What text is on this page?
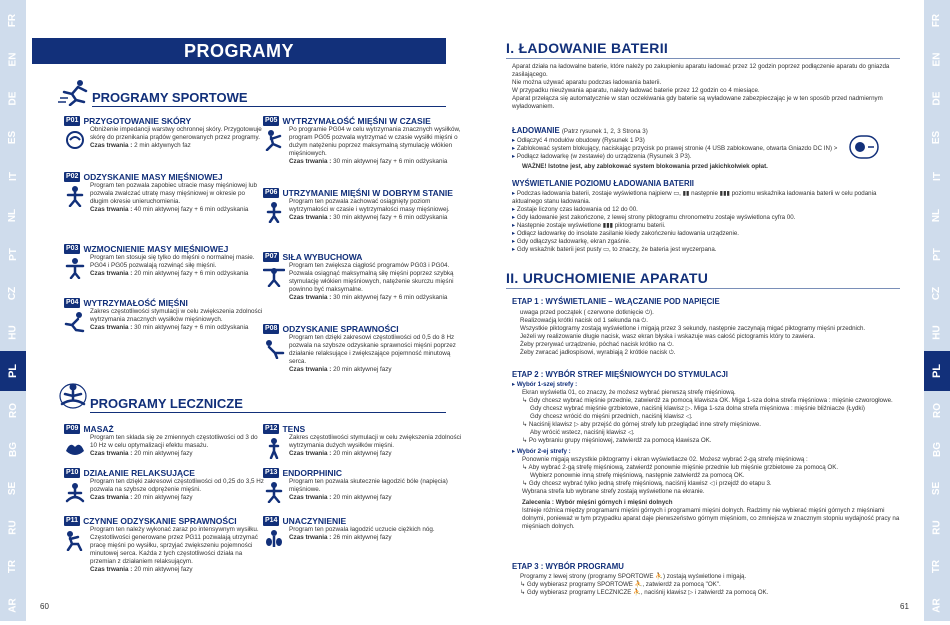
FR
EN
DE
ES
IT
NL
PT
CZ
HU
PL
RO
BG
SE
RU
TR
AR
FR
EN
DE
ES
IT
NL
PT
CZ
HU
PL
RO
BG
SE
RU
TR
AR
PROGRAMY
PROGRAMY SPORTOWE
PROGRAMY LECZNICZE
P01 PRZYGOTOWANIE SKÓRY
Obniżenie impedancji warstwy ochronnej skóry. Przygotowuje skórę do przenikania prądów generowanych przez programy.
Czas trwania : 2 min aktywnych faz
P02 ODZYSKANIE MASY MIĘŚNIOWEJ
Program ten pozwala zapobiec utracie masy mięśniowej lub pozwala zwalczać utratę masy mięśniowej w okresie po długim okresie unieruchomienia.
Czas trwania : 40 min aktywnej fazy + 6 min odżyskania
P03 WZMOCNIENIE MASY MIĘŚNIOWEJ
Program ten stosuje się tylko do mięśni o normalnej masie. PG04 i PG05 pozwalają rozwinąć siłę mięśni.
Czas trwania : 20 min aktywnej fazy + 6 min odżyskania
P04 WYTRZYMAŁOŚĆ MIĘŚNI
Zakres częstotliwości stymulacji w celu zwiększenia zdolności wytrzymania znacznych wysiłków mięśniowych.
Czas trwania : 30 min aktywnej fazy + 6 min odżyskania
P05 WYTRZYMAŁOŚĆ MIĘŚNI W CZASIE
Po programie PG04 w celu wytrzymania znacznych wysiłków, program PG05 pozwala wytrzymać w czasie wysiłki mięśni o dużym natężeniu poprzez maksymalną stymulację włókien mięśniowych.
Czas trwania : 30 min aktywnej fazy + 6 min odżyskania
P06 UTRZYMANIE MIĘŚNI W DOBRYM STANIE
Program ten pozwala zachować osiągnięty poziom wytrzymałości w czasie i wytrzymałości masy mięśniowej.
Czas trwania : 30 min aktywnej fazy + 6 min odżyskania
P07 SIŁA WYBUCHOWA
Program ten zwiększa ciągłość programów PG03 i PG04. Pozwala osiągnąć maksymalną siłę mięśni poprzez szybką stymulację włókien mięśniowych, natężenie skurczu mięśni powinno być maksymalne.
Czas trwania : 30 min aktywnej fazy + 6 min odżyskania
P08 ODZYSKANIE SPRAWNOŚCI
Program ten dzięki zakresowi częstotliwości od 0,5 do 8 Hz pozwala na szybsze odzyskanie sprawności mięśni poprzez działanie relaksujące i zwiększające pojemność minutową serca.
Czas trwania : 20 min aktywnej fazy
P09 MASAŻ
Program ten składa się ze zmiennych częstotliwości od 3 do 10 Hz w celu optymalizacji efektu masażu.
Czas trwania : 20 min aktywnej fazy
P10 DZIAŁANIE RELAKSUJĄCE
Program ten dzięki zakresowi częstotliwości od 0,25 do 3,5 Hz pozwala na szybsze odprężenie mięśni.
Czas trwania : 20 min aktywnej fazy
P11 CZYNNE ODZYSKANIE SPRAWNOŚCI
Program ten należy wykonać zaraz po intensywnym wysiłku. Częstotliwości generowane przez PG11 pozwalają utrzymać pracę mięśni po wysiłku, sprzyjać zwiększeniu pojemności minutowej serca. Każda z tych częstotliwości działa na przemian z działaniem relaksującym.
Czas trwania : 20 min aktywnej fazy
P12 TENS
Zakres częstotliwości stymulacji w celu zwiększenia zdolności wytrzymania dużych wysiłków mięśni.
Czas trwania : 20 min aktywnej fazy
P13 ENDORPHINIC
Program ten pozwala skutecznie łagodzić bóle (napięcia) mięśniowe.
Czas trwania : 20 min aktywnej fazy
P14 UNACZYNIENIE
Program ten pozwala łagodzić uczucie ciężkich nóg.
Czas trwania : 26 min aktywnej fazy
60
I. ŁADOWANIE BATERII
Aparat działa na ładowalne baterie, które należy po zakupieniu aparatu ładować przez 12 godzin poprzez podłączenie aparatu do gniazda zasilającego.
Nie można używać aparatu podczas ładowania baterii.
W przypadku nieużywania aparatu, należy ładować baterie przez 12 godzin co 4 miesiące.
Aparat przełącza się automatycznie w stan oczekiwania gdy baterie są wyładowane zabezpieczając je w ten sposób przed nadmiernym wyładowaniem.
ŁADOWANIE (Patrz rysunek 1, 2, 3 Strona 3)
▸ Odłączyć 4 modułów obudowy (Rysunek 1 P3)
▸ Zablokować system blokujący, naciskając przycisk po prawej stronie (4 USB zablokowane, otwarta Gniazdo DC IN) >
▸ Podłącz ładowarkę (w zestawie) do urządzenia (Rysunek 3 P3).
WAŻNE! Istotne jest, aby zablokować system blokowania przed jakichkolwiek opłat.
WYŚWIETLANIE POZIOMU ŁADOWANIA BATERII
▸ Podczas ładowania baterii, zostaje wyświetlona najpierw ▭, ▮▮ następnie ▮▮▮ poziomu wskaźnika ładowania baterii w celu podania aktualnego stanu ładowania.
▸ Zostaje liczony czas ładowania od 12 do 00.
▸ Gdy ładowanie jest zakończone, z lewej strony piktogramu chronometru zostaje wyświetlona cyfra 00.
▸ Następnie zostaje wyświetlone ▮▮▮ piktogramu baterii.
▸ Odłącz ładowarkę do insolate zasilanie kiedy zakończeniu ładowania urządzenie.
▸ Gdy odłączysz ładowarkę, ekran zgaśnie.
▸ Gdy wskaźnik baterii jest pusty ▭, to znaczy, że bateria jest wyczerpana.
II. URUCHOMIENIE APARATU
ETAP 1 : WYŚWIETLANIE – WŁĄCZANIE POD NAPIĘCIE
uwaga przed początek ( czerwone dotknięcie ⏻).
Realizowaćją krótki nacisk od 1 sekunda na ⏻.
Wszystkie piktogramy zostają wyświetlone i migają przez 3 sekundy, następnie zaczynają migać piktogramy mięśni przednich.
Jeżeli wy realizowanie długie nacisk, wasz ekran błyska i wskazuje was całość pictogramis który to zawiera.
Żeby przerywać urządzenie, póchać nacisk krótko na ⏻.
Żeby zwracać jadłospisowi, wyrabiają 2 krótkie nacisk ⏻.
ETAP 2 : WYBÓR STREF MIĘŚNIOWYCH DO STYMULACJI
▸ Wybór 1-szej strefy :
Ekran wyświetla 01, co znaczy, że możesz wybrać pierwszą strefę mięśniową.
↳ Gdy chcesz wybrać mięśnie przednie, zatwierdź za pomocą klawisza OK. Miga 1-sza dolna strefa mięśniowa : mięśnie czworogłowe.
Gdy chcesz wybrać mięśnie grzbietowe, naciśnij klawisz ▷. Miga 1-sza dolna strefa mięśniowa : mięśnie bliźniacze (Łydki)
Gdy chcesz wrócić do mięśni przednich, naciśnij klawisz ◁.
↳ Naciśnij klawisz ▷ aby przejść do górnej strefy lub przeglądać inne strefy mięśniowe.
Aby wrócić wstecz, naciśnij klawisz ◁.
↳ Po wybraniu grupy mięśniowej, zatwierdź za pomocą klawisza OK.
▸ Wybór 2-ej strefy :
Ponownie migają wszystkie piktogramy i ekran wyświetlacze 02. Możesz wybrać 2-gą strefę mięśniową :
↳ Aby wybrać 2-gą strefę mięśniową, zatwierdź ponownie mięśnie przednie lub mięśnie grzbietowe za pomocą OK.
Wybierz ponownie inną strefę mięśniową, następnie zatwierdź za pomocą OK.
↳ Gdy chcesz wybrać tylko jedną strefę mięśniową, naciśnij klawisz ◁ i przejdź do etapu 3.
Wybrana strefa lub wybrane strefy zostają wyświetlone na ekranie.
Zalecenia : Wybór mięśni górnych i mięśni dolnych
Istnieje różnica między programami mięśni górnych i programami mięśni dolnych. Radzimy nie wybierać mięśni górnych z mięśniami dolnymi, ponieważ w tym przypadku aparat daje pierwszeństwo górnym mięśniom, co zmniejsza w znacznym stopniu wydajność pracy na mięśniach dolnych.
ETAP 3 : WYBÓR PROGRAMU
Programy z lewej strony (programy SPORTOWE ⛹) zostają wyświetlone i migają.
↳ Gdy wybierasz programy SPORTOWE ⛹, zatwierdź za pomocą "OK".
↳ Gdy wybierasz programy LECZNICZE ⛹, naciśnij klawisz ▷ i zatwierdź za pomocą OK.
61
